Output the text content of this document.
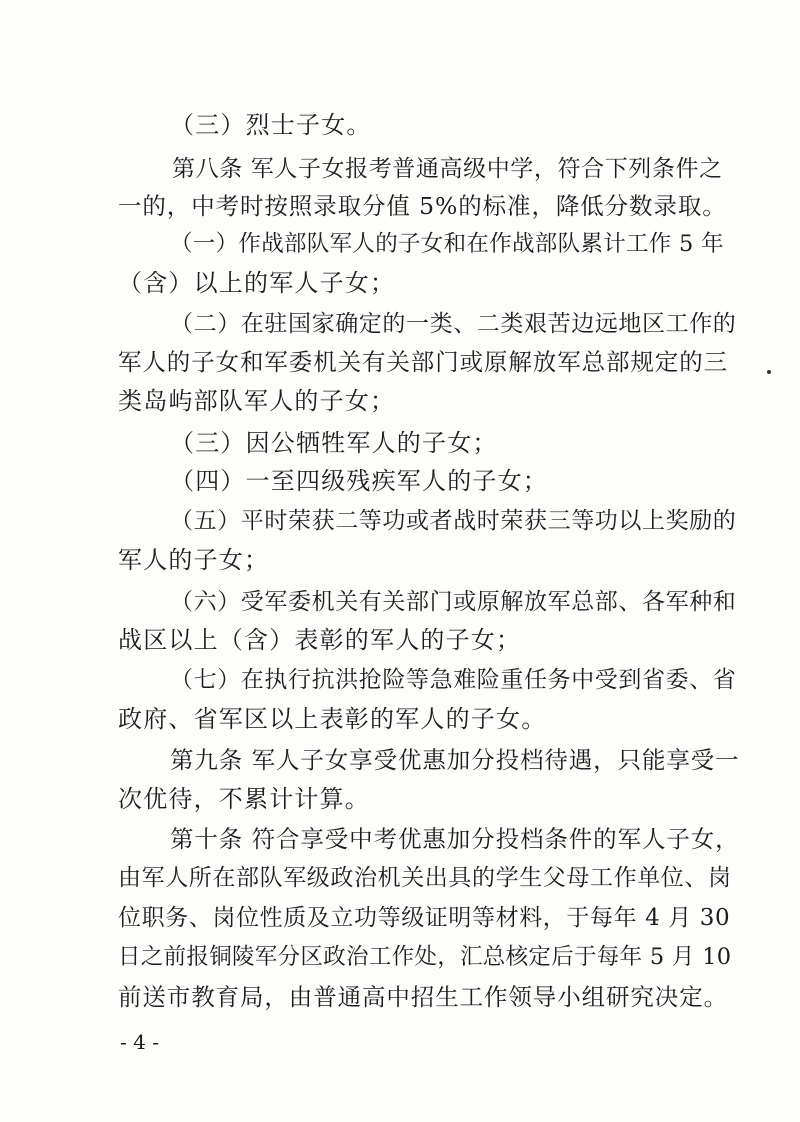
（三）烈士子女。
第八条 军人子女报考普通高级中学，符合下列条件之
一的，中考时按照录取分值 5%的标准，降低分数录取。
（一）作战部队军人的子女和在作战部队累计工作 5 年
（含）以上的军人子女；
（二）在驻国家确定的一类、二类艰苦边远地区工作的
军人的子女和军委机关有关部门或原解放军总部规定的三
类岛屿部队军人的子女；
（三）因公牺牲军人的子女；
（四）一至四级残疾军人的子女；
（五）平时荣获二等功或者战时荣获三等功以上奖励的
军人的子女；
（六）受军委机关有关部门或原解放军总部、各军种和
战区以上（含）表彰的军人的子女；
（七）在执行抗洪抢险等急难险重任务中受到省委、省
政府、省军区以上表彰的军人的子女。
第九条 军人子女享受优惠加分投档待遇，只能享受一
次优待，不累计计算。
第十条 符合享受中考优惠加分投档条件的军人子女，
由军人所在部队军级政治机关出具的学生父母工作单位、岗
位职务、岗位性质及立功等级证明等材料，于每年 4 月 30
日之前报铜陵军分区政治工作处，汇总核定后于每年 5 月 10
前送市教育局，由普通高中招生工作领导小组研究决定。
- 4 -
